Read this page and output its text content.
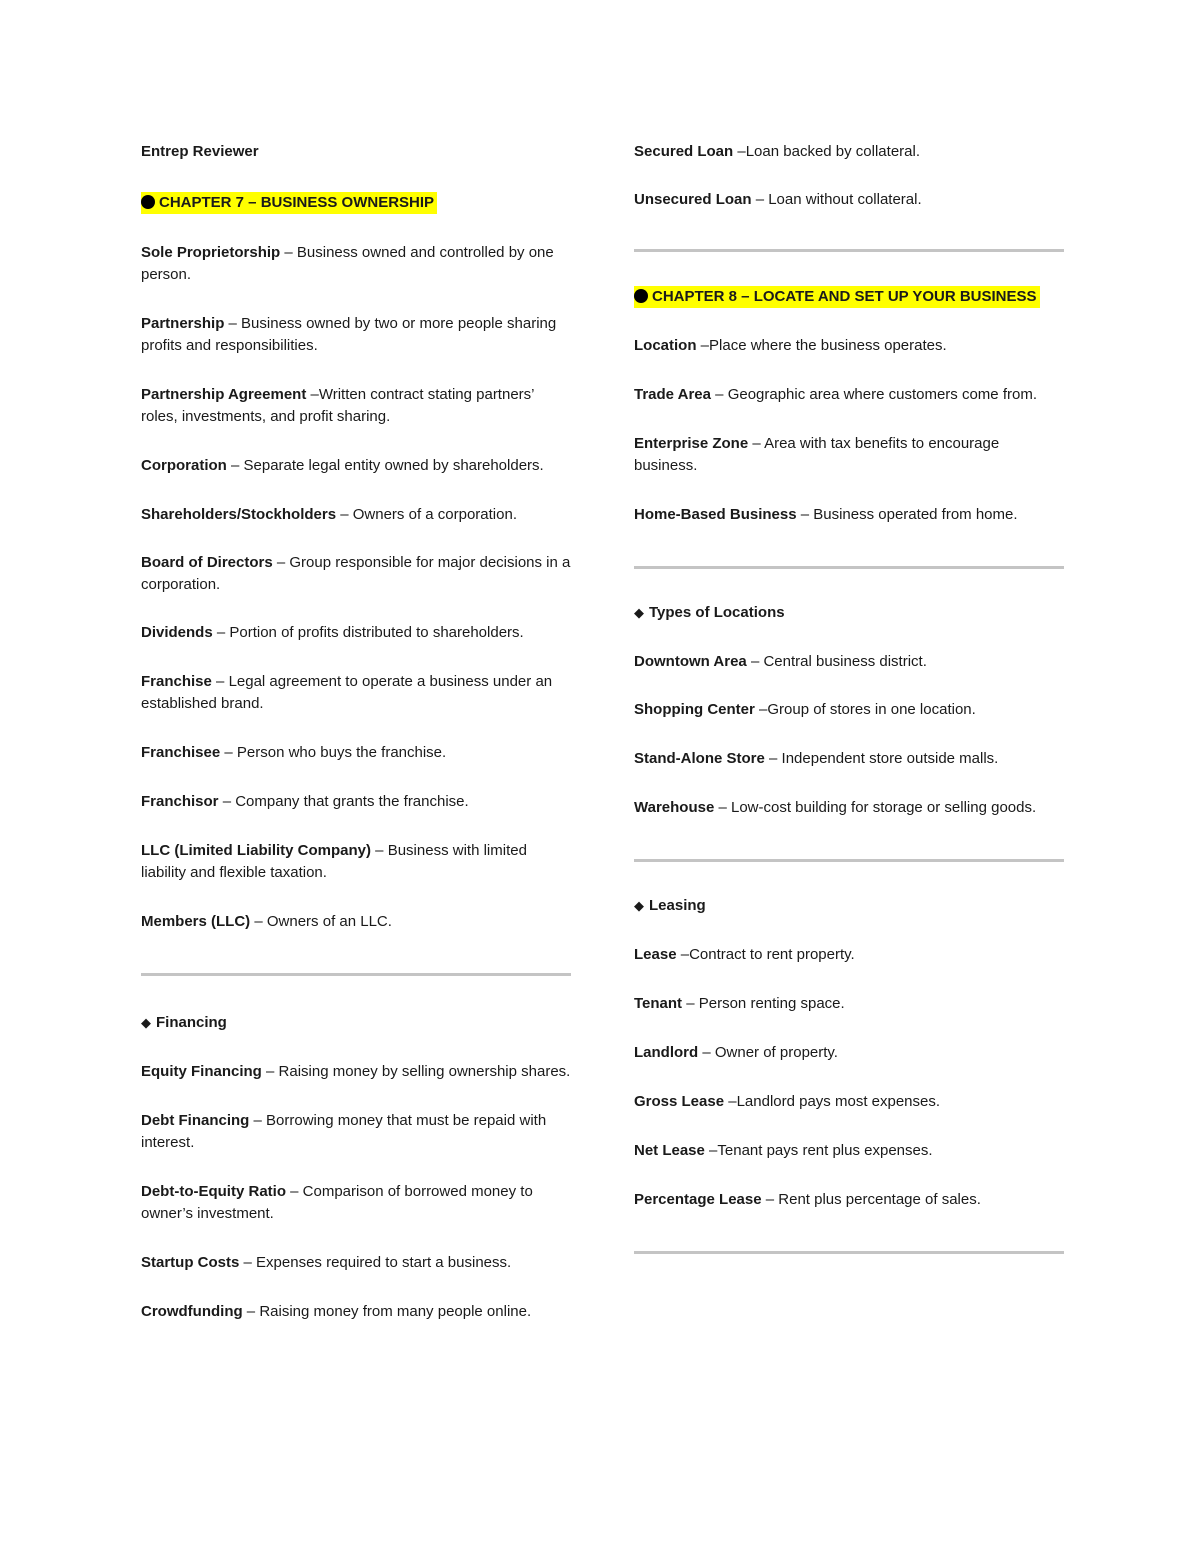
Entrep Reviewer

CHAPTER 7 – BUSINESS OWNERSHIP

Sole Proprietorship – Business owned and controlled by one person.

Partnership – Business owned by two or more people sharing profits and responsibilities.

Partnership Agreement –Written contract stating partners’ roles, investments, and profit sharing.

Corporation – Separate legal entity owned by shareholders.

Shareholders/Stockholders – Owners of a corporation.

Board of Directors – Group responsible for major decisions in a corporation.

Dividends – Portion of profits distributed to shareholders.

Franchise – Legal agreement to operate a business under an established brand.

Franchisee – Person who buys the franchise.

Franchisor – Company that grants the franchise.

LLC (Limited Liability Company) – Business with limited liability and flexible taxation.

Members (LLC) – Owners of an LLC.

◆ Financing

Equity Financing – Raising money by selling ownership shares.

Debt Financing – Borrowing money that must be repaid with interest.

Debt-to-Equity Ratio – Comparison of borrowed money to owner’s investment.

Startup Costs – Expenses required to start a business.

Crowdfunding – Raising money from many people online.

Secured Loan –Loan backed by collateral.

Unsecured Loan – Loan without collateral.

CHAPTER 8 – LOCATE AND SET UP YOUR BUSINESS

Location –Place where the business operates.

Trade Area – Geographic area where customers come from.

Enterprise Zone – Area with tax benefits to encourage business.

Home-Based Business – Business operated from home.

◆ Types of Locations

Downtown Area – Central business district.

Shopping Center –Group of stores in one location.

Stand-Alone Store – Independent store outside malls.

Warehouse – Low-cost building for storage or selling goods.

◆ Leasing

Lease –Contract to rent property.

Tenant – Person renting space.

Landlord – Owner of property.

Gross Lease –Landlord pays most expenses.

Net Lease –Tenant pays rent plus expenses.

Percentage Lease – Rent plus percentage of sales.
